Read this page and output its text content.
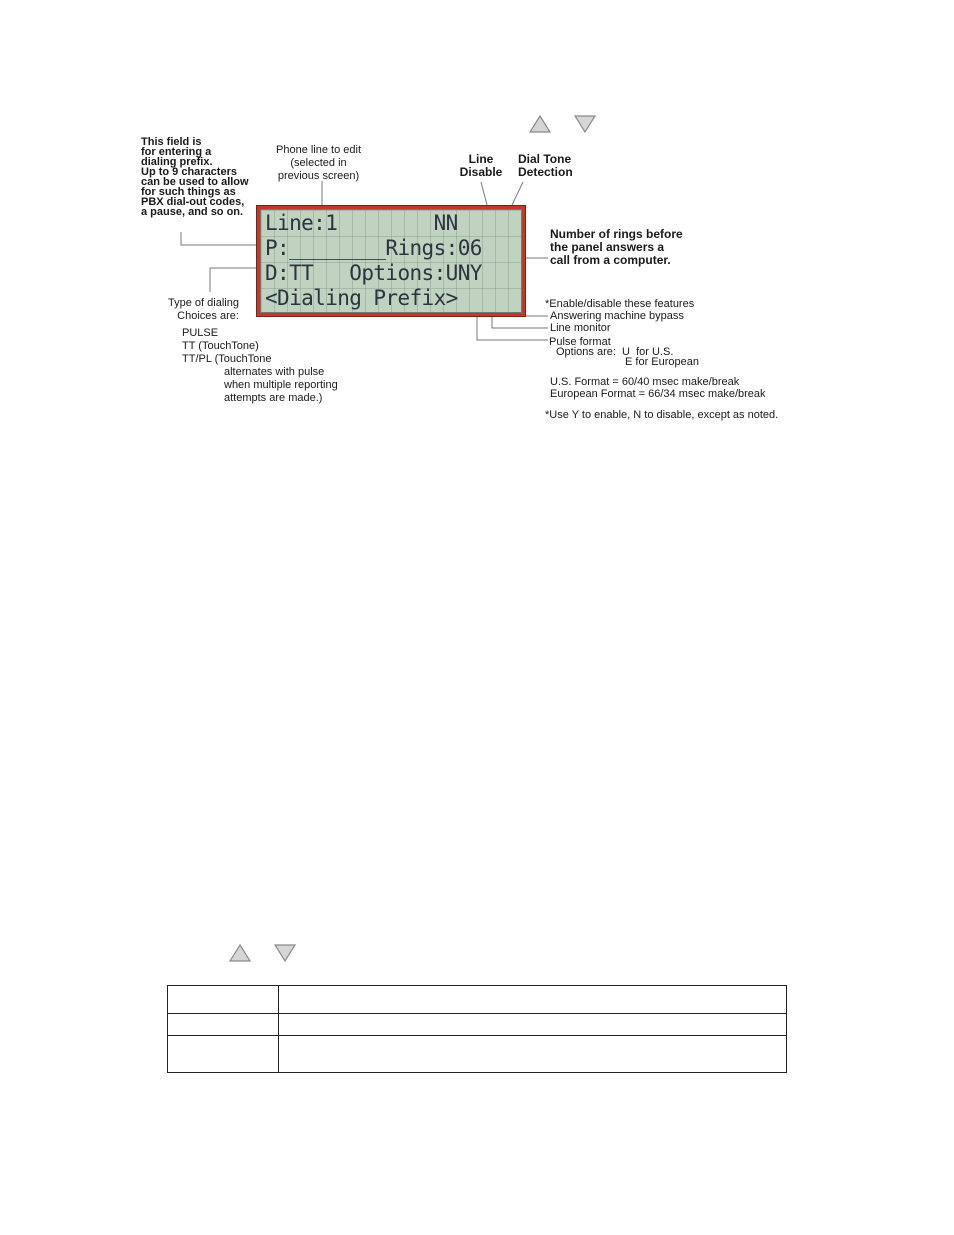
Line:1        NN
P:________Rings:06
D:TT   Options:UNY
<Dialing Prefix>
This field is
for entering a
dialing prefix.
Up to 9 characters
can be used to allow
for such things as
PBX dial-out codes,
a pause, and so on.
Phone line to edit
(selected in
previous screen)
Line
Disable
Dial Tone
Detection
Number of rings before
the panel answers a
call from a computer.
Type of dialing
Choices are:
PULSE
TT (TouchTone)
TT/PL (TouchTone
alternates with pulse
when multiple reporting
attempts are made.)
*Enable/disable these features
Answering machine bypass
Line monitor
Pulse format
Options are:  U  for U.S.
E for European
U.S. Format = 60/40 msec make/break
European Format = 66/34 msec make/break
*Use Y to enable, N to disable, except as noted.
